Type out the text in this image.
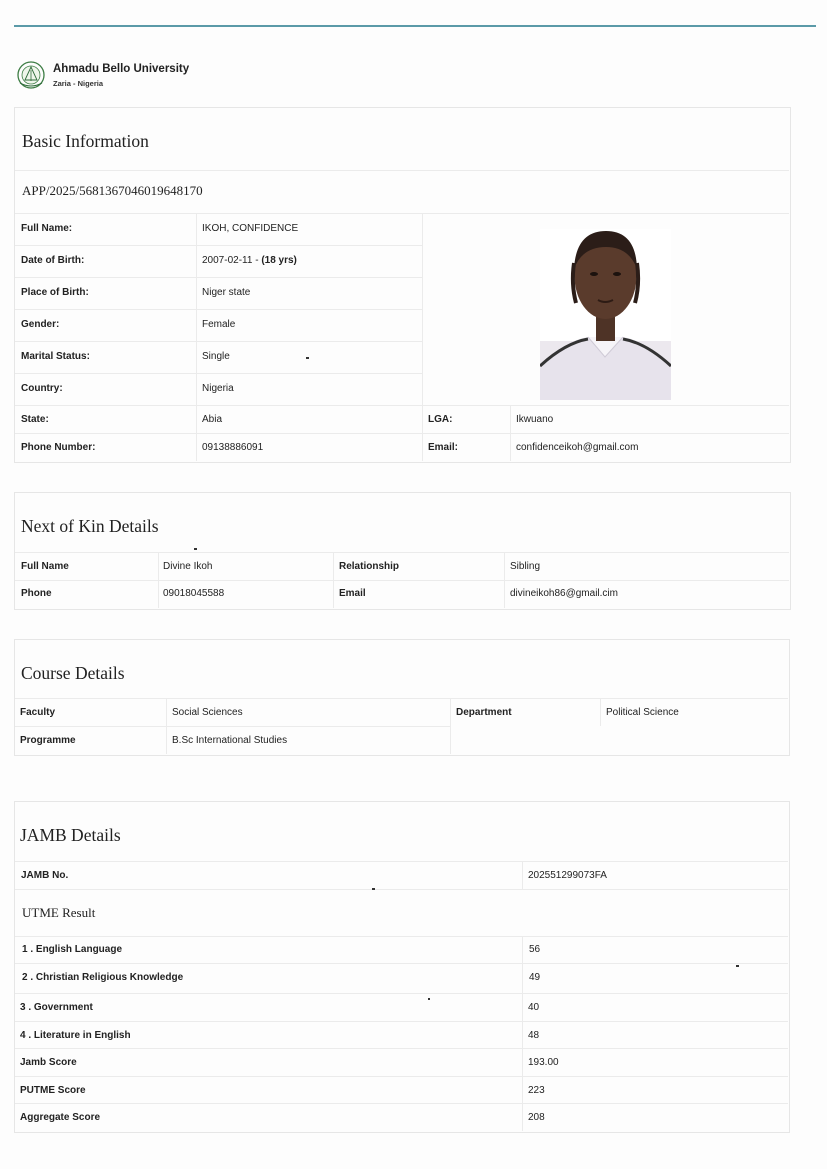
Ahmadu Bello University
Zaria - Nigeria
Basic Information
APP/2025/5681367046019648170
Full Name:	IKOH, CONFIDENCE
Date of Birth:	2007-02-11 - (18 yrs)
Place of Birth:	Niger state
Gender:	Female
Marital Status:	Single
Country:	Nigeria
State:	Abia	LGA:	Ikwuano
Phone Number:	09138886091	Email:	confidenceikoh@gmail.com
Next of Kin Details
Full Name	Divine Ikoh	Relationship	Sibling
Phone	09018045588	Email	divineikoh86@gmail.cim
Course Details
Faculty	Social Sciences	Department	Political Science
Programme	B.Sc International Studies
JAMB Details
JAMB No.	202551299073FA
UTME Result
1 . English Language	56
2 . Christian Religious Knowledge	49
3 . Government	40
4 . Literature in English	48
Jamb Score	193.00
PUTME Score	223
Aggregate Score	208
